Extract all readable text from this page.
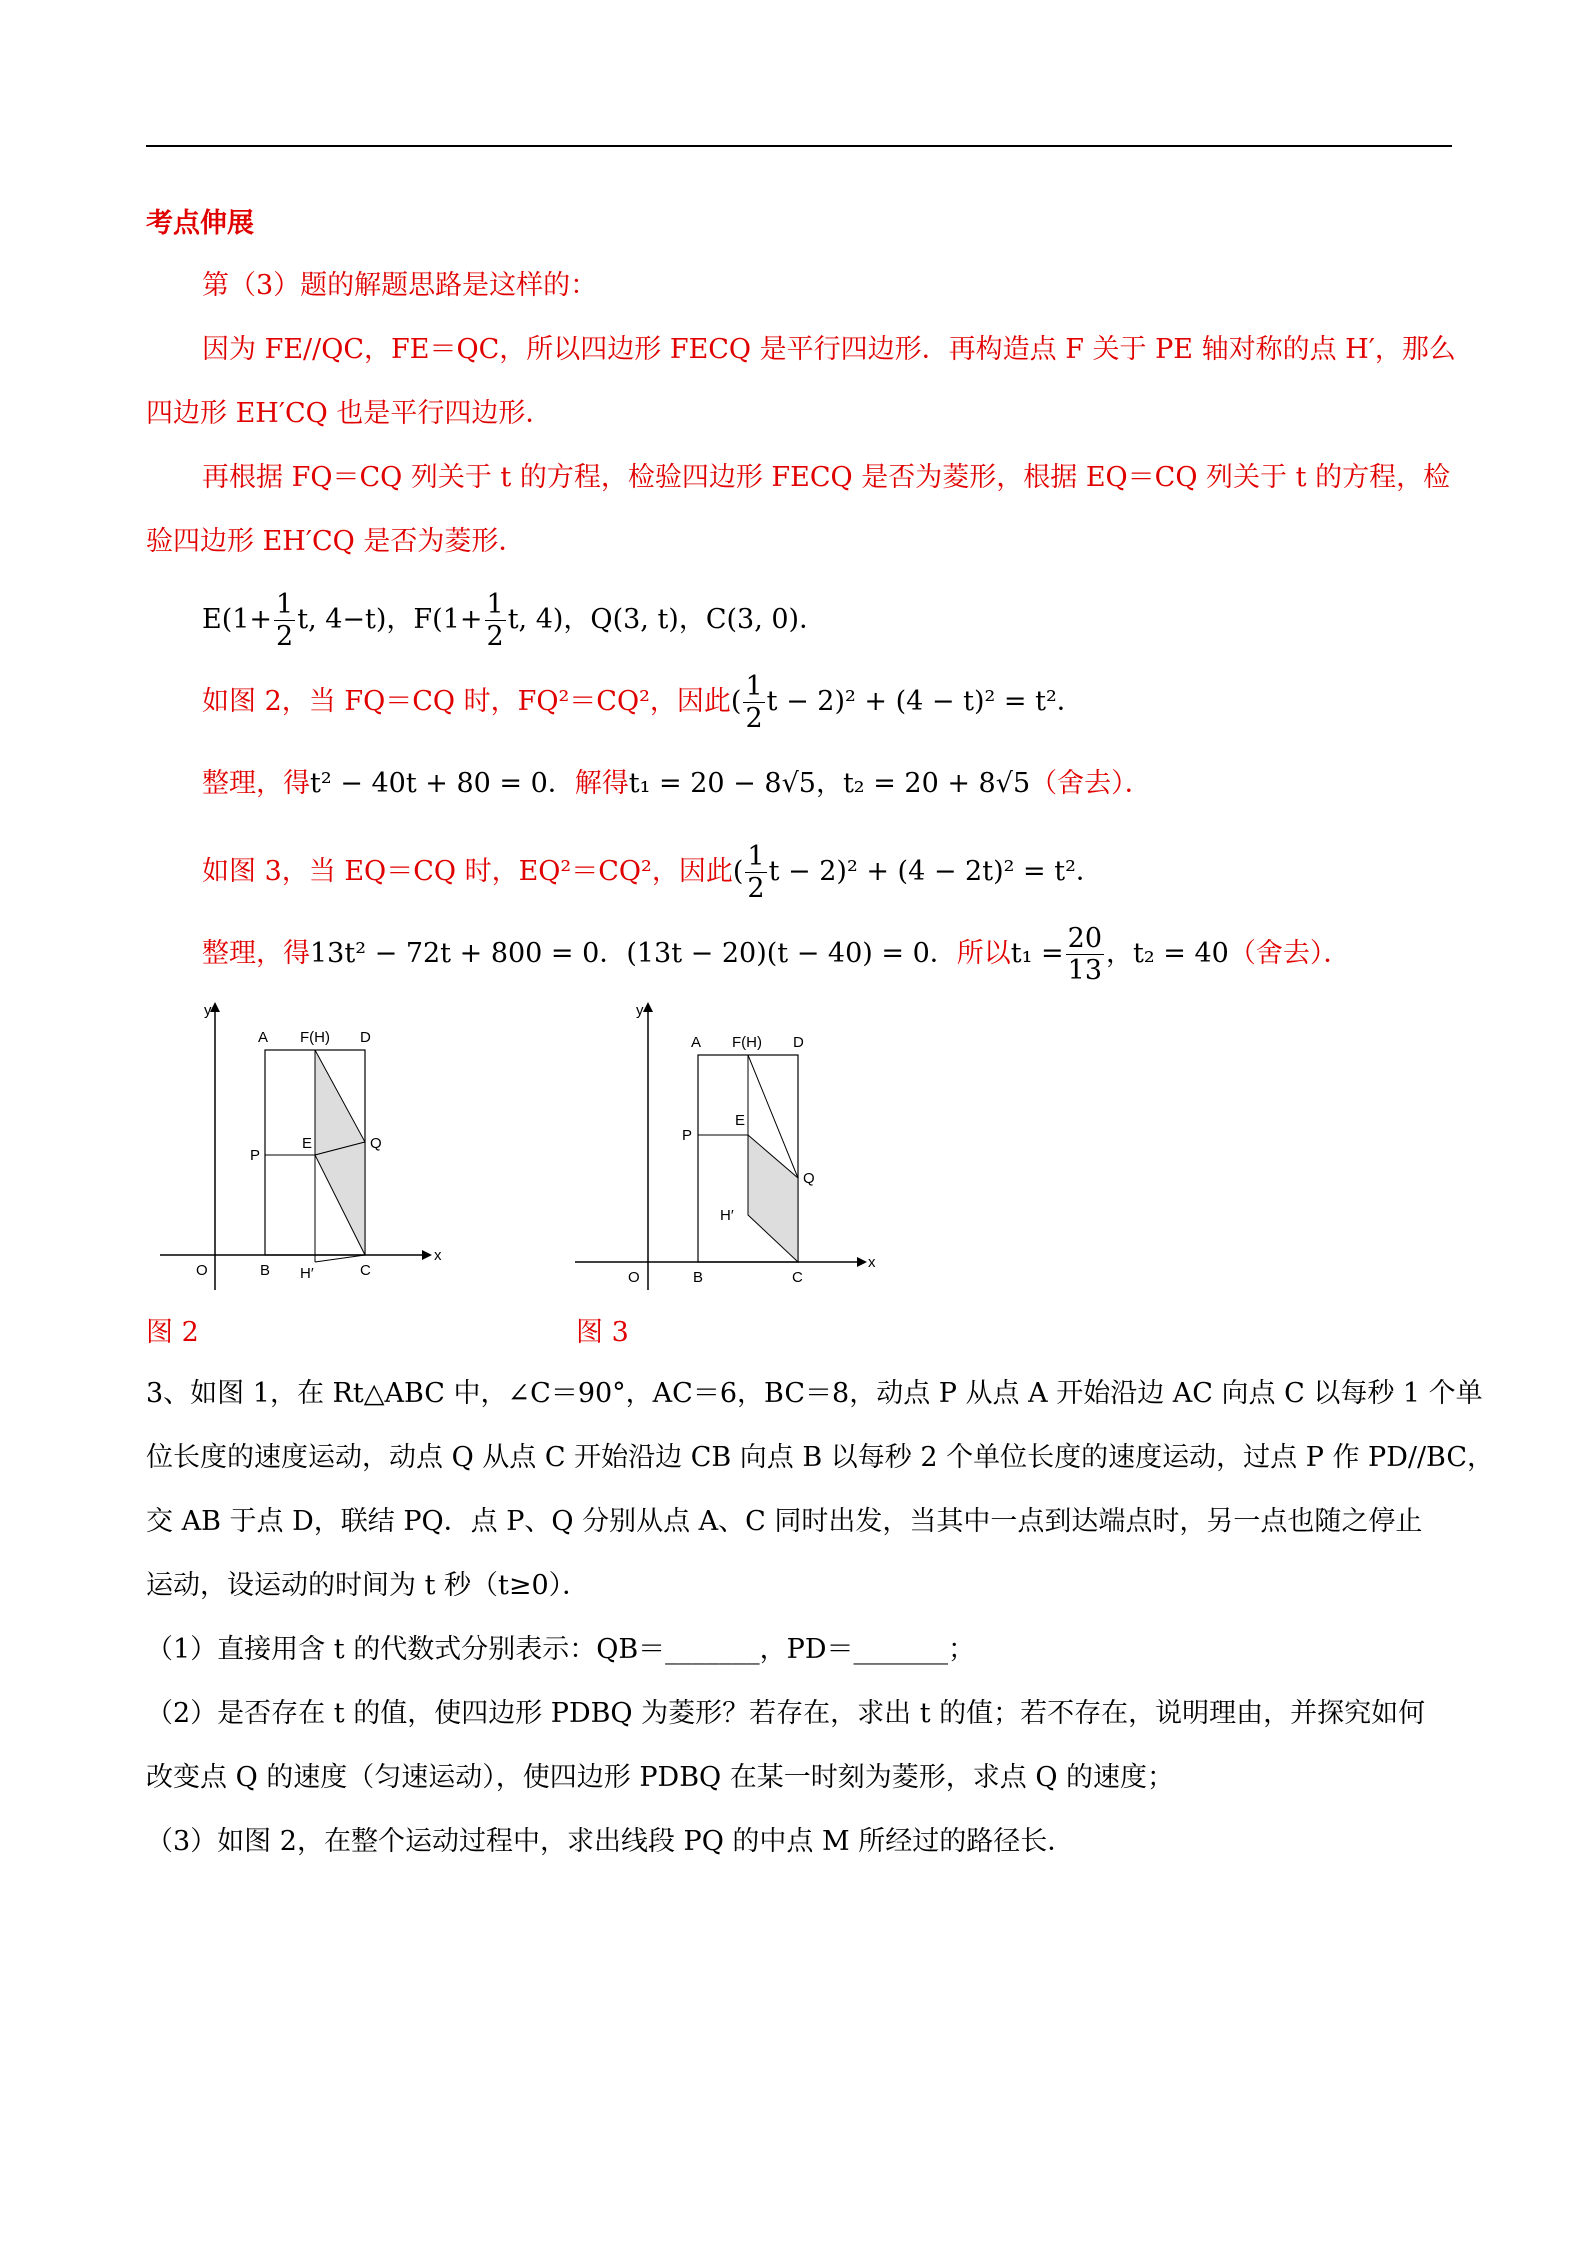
考点伸展
第（3）题的解题思路是这样的：
因为 FE//QC，FE＝QC，所以四边形 FECQ 是平行四边形．再构造点 F 关于 PE 轴对称的点 H′，那么
四边形 EH′CQ 也是平行四边形．
再根据 FQ＝CQ 列关于 t 的方程，检验四边形 FECQ 是否为菱形，根据 EQ＝CQ 列关于 t 的方程，检
验四边形 EH′CQ 是否为菱形．
$E(1+ \frac{1}{2} t$, 4−t)，$F(1+ \frac{1}{2} t$, 4)，Q(3, t)，C(3, 0)．
如图 2，当 FQ＝CQ 时，FQ²＝CQ²，因此( $\frac{1}{2}$ t − 2)² + (4 − t)² = t²．
整理，得t² − 40t + 80 = 0．解得t₁ = 20 − 8√5，t₂ = 20 + 8√5（舍去）．
如图 3，当 EQ＝CQ 时，EQ²＝CQ²，因此( $\frac{1}{2}$ t − 2)² + (4 − 2t)² = t²．
整理，得13t² − 72t + 800 = 0．(13t − 20)(t − 40) = 0．所以$t_1 = \frac{20}{13}$ ，t₂ = 40（舍去）．
y
x
O
A F(H) D
P
E	Q
B H′	C
y
x
O
A F(H) D
P
E
Q
H′
B	C
图 2	图 3
3、如图 1，在 Rt△ABC 中，∠C＝90°，AC＝6，BC＝8，动点 P 从点 A 开始沿边 AC 向点 C 以每秒 1 个单
位长度的速度运动，动点 Q 从点 C 开始沿边 CB 向点 B 以每秒 2 个单位长度的速度运动，过点 P 作 PD//BC，
交 AB 于点 D，联结 PQ．点 P、Q 分别从点 A、C 同时出发，当其中一点到达端点时，另一点也随之停止
运动，设运动的时间为 t 秒（t≥0）．
（1）直接用含 t 的代数式分别表示：QB＝_______，PD＝_______；
（2）是否存在 t 的值，使四边形 PDBQ 为菱形？若存在，求出 t 的值；若不存在，说明理由，并探究如何
改变点 Q 的速度（匀速运动），使四边形 PDBQ 在某一时刻为菱形，求点 Q 的速度；
（3）如图 2，在整个运动过程中，求出线段 PQ 的中点 M 所经过的路径长．
